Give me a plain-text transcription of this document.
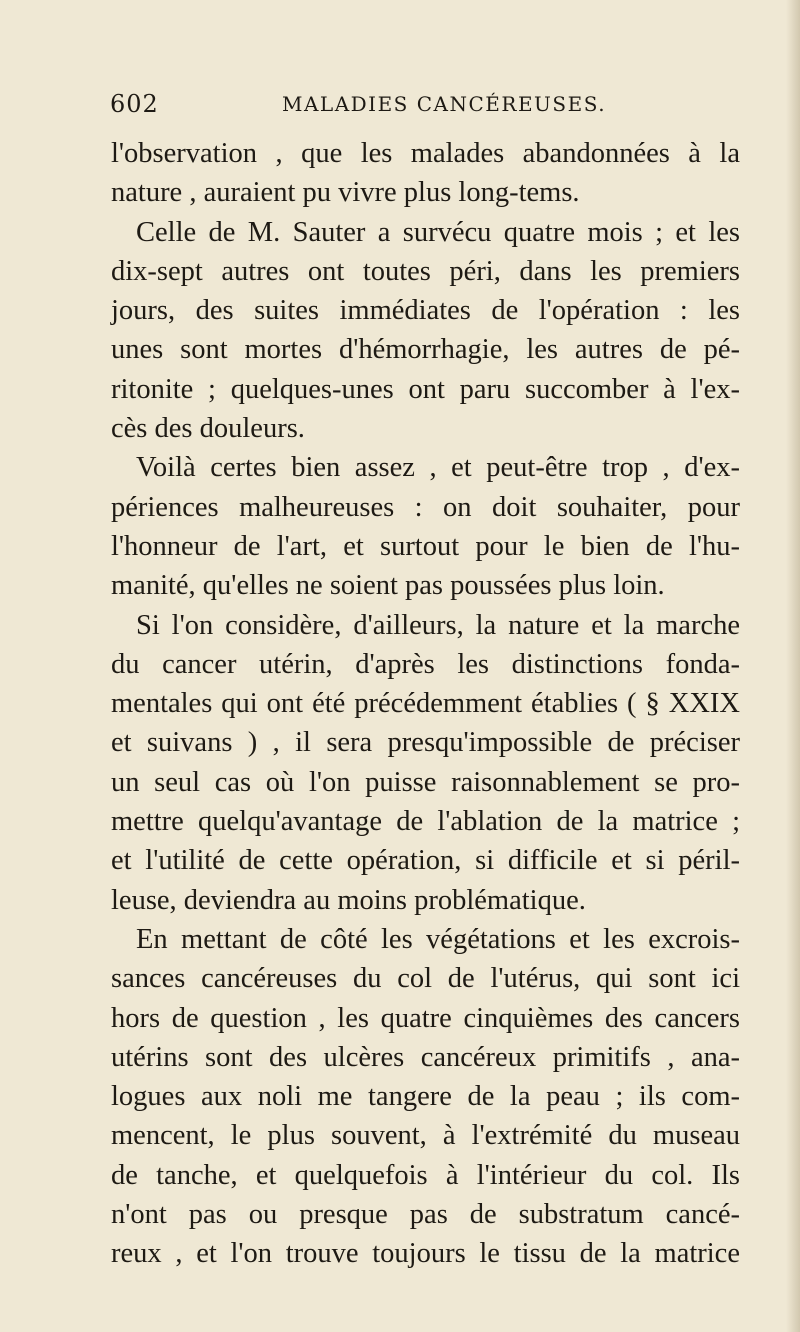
602	MALADIES CANCÉREUSES.
l'observation , que les malades abandonnées à la
nature , auraient pu vivre plus long-tems.
Celle de M. Sauter a survécu quatre mois ; et les
dix-sept autres ont toutes péri, dans les premiers
jours, des suites immédiates de l'opération : les
unes sont mortes d'hémorrhagie, les autres de pé-
ritonite ; quelques-unes ont paru succomber à l'ex-
cès des douleurs.
Voilà certes bien assez , et peut-être trop , d'ex-
périences malheureuses : on doit souhaiter, pour
l'honneur de l'art, et surtout pour le bien de l'hu-
manité, qu'elles ne soient pas poussées plus loin.
Si l'on considère, d'ailleurs, la nature et la marche
du cancer utérin, d'après les distinctions fonda-
mentales qui ont été précédemment établies ( § XXIX
et suivans ) , il sera presqu'impossible de préciser
un seul cas où l'on puisse raisonnablement se pro-
mettre quelqu'avantage de l'ablation de la matrice ;
et l'utilité de cette opération, si difficile et si péril-
leuse, deviendra au moins problématique.
En mettant de côté les végétations et les excrois-
sances cancéreuses du col de l'utérus, qui sont ici
hors de question , les quatre cinquièmes des cancers
utérins sont des ulcères cancéreux primitifs , ana-
logues aux noli me tangere de la peau ; ils com-
mencent, le plus souvent, à l'extrémité du museau
de tanche, et quelquefois à l'intérieur du col. Ils
n'ont pas ou presque pas de substratum cancé-
reux , et l'on trouve toujours le tissu de la matrice
